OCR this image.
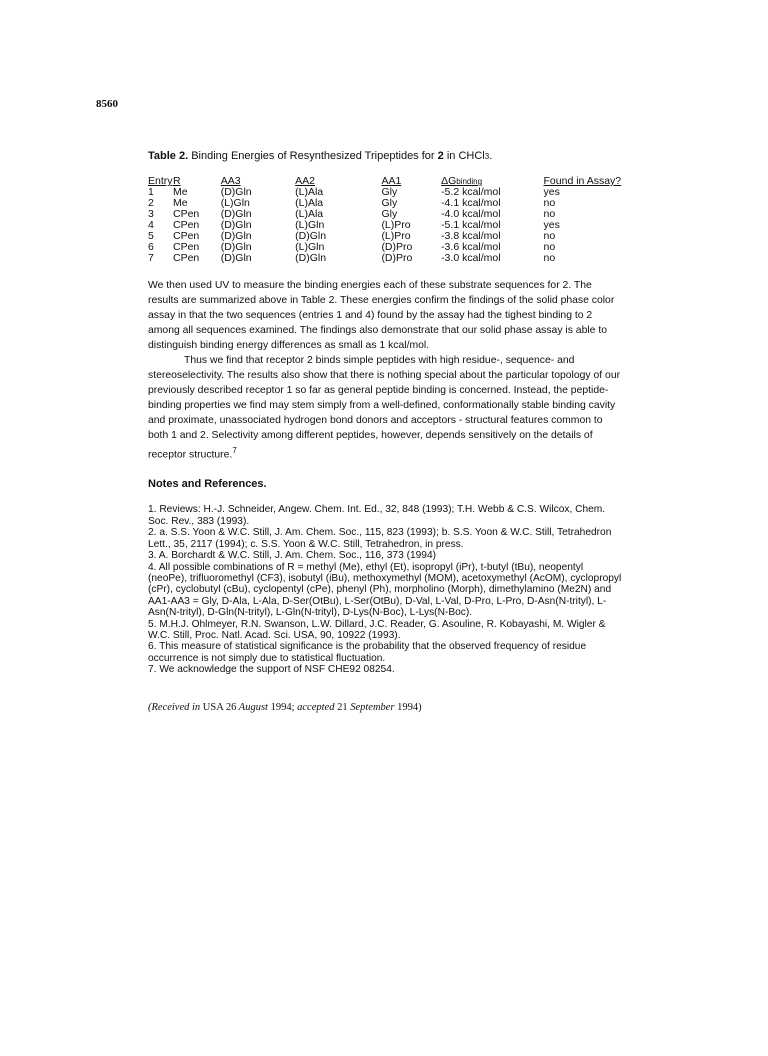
8560

Table 2. Binding Energies of Resynthesized Tripeptides for 2 in CHCl3.

Entry	R	AA3	AA2	AA1	ΔGbinding	Found in Assay?
1	Me	(D)Gln	(L)Ala	Gly	-5.2 kcal/mol	yes
2	Me	(L)Gln	(L)Ala	Gly	-4.1 kcal/mol	no
3	CPen	(D)Gln	(L)Ala	Gly	-4.0 kcal/mol	no
4	CPen	(D)Gln	(L)Gln	(L)Pro	-5.1 kcal/mol	yes
5	CPen	(D)Gln	(D)Gln	(L)Pro	-3.8 kcal/mol	no
6	CPen	(D)Gln	(L)Gln	(D)Pro	-3.6 kcal/mol	no
7	CPen	(D)Gln	(D)Gln	(D)Pro	-3.0 kcal/mol	no

We then used UV to measure the binding energies each of these substrate sequences for 2. The results are summarized above in Table 2. These energies confirm the findings of the solid phase color assay in that the two sequences (entries 1 and 4) found by the assay had the tighest binding to 2 among all sequences examined. The findings also demonstrate that our solid phase assay is able to distinguish binding energy differences as small as 1 kcal/mol.

Thus we find that receptor 2 binds simple peptides with high residue-, sequence- and stereoselectivity. The results also show that there is nothing special about the particular topology of our previously described receptor 1 so far as general peptide binding is concerned. Instead, the peptide-binding properties we find may stem simply from a well-defined, conformationally stable binding cavity and proximate, unassociated hydrogen bond donors and acceptors - structural features common to both 1 and 2. Selectivity among different peptides, however, depends sensitively on the details of receptor structure.$^7$

Notes and References.

1. Reviews: H.-J. Schneider, Angew. Chem. Int. Ed., 32, 848 (1993); T.H. Webb & C.S. Wilcox, Chem. Soc. Rev., 383 (1993).

2. a. S.S. Yoon & W.C. Still, J. Am. Chem. Soc., 115, 823 (1993); b. S.S. Yoon & W.C. Still, Tetrahedron Lett., 35, 2117 (1994); c. S.S. Yoon & W.C. Still, Tetrahedron, in press.

3. A. Borchardt & W.C. Still, J. Am. Chem. Soc., 116, 373 (1994)

4. All possible combinations of R = methyl (Me), ethyl (Et), isopropyl (iPr), t-butyl (tBu), neopentyl (neoPe), trifluoromethyl (CF3), isobutyl (iBu), methoxymethyl (MOM), acetoxymethyl (AcOM), cyclopropyl (cPr), cyclobutyl (cBu), cyclopentyl (cPe), phenyl (Ph), morpholino (Morph), dimethylamino (Me2N) and AA1-AA3 = Gly, D-Ala, L-Ala, D-Ser(OtBu), L-Ser(OtBu), D-Val, L-Val, D-Pro, L-Pro, D-Asn(N-trityl), L-Asn(N-trityl), D-Gln(N-trityl), L-Gln(N-trityl), D-Lys(N-Boc), L-Lys(N-Boc).

5. M.H.J. Ohlmeyer, R.N. Swanson, L.W. Dillard, J.C. Reader, G. Asouline, R. Kobayashi, M. Wigler & W.C. Still, Proc. Natl. Acad. Sci. USA, 90, 10922 (1993).

6. This measure of statistical significance is the probability that the observed frequency of residue occurrence is not simply due to statistical fluctuation.

7. We acknowledge the support of NSF CHE92 08254.

(Received in USA 26 August 1994; accepted 21 September 1994)
